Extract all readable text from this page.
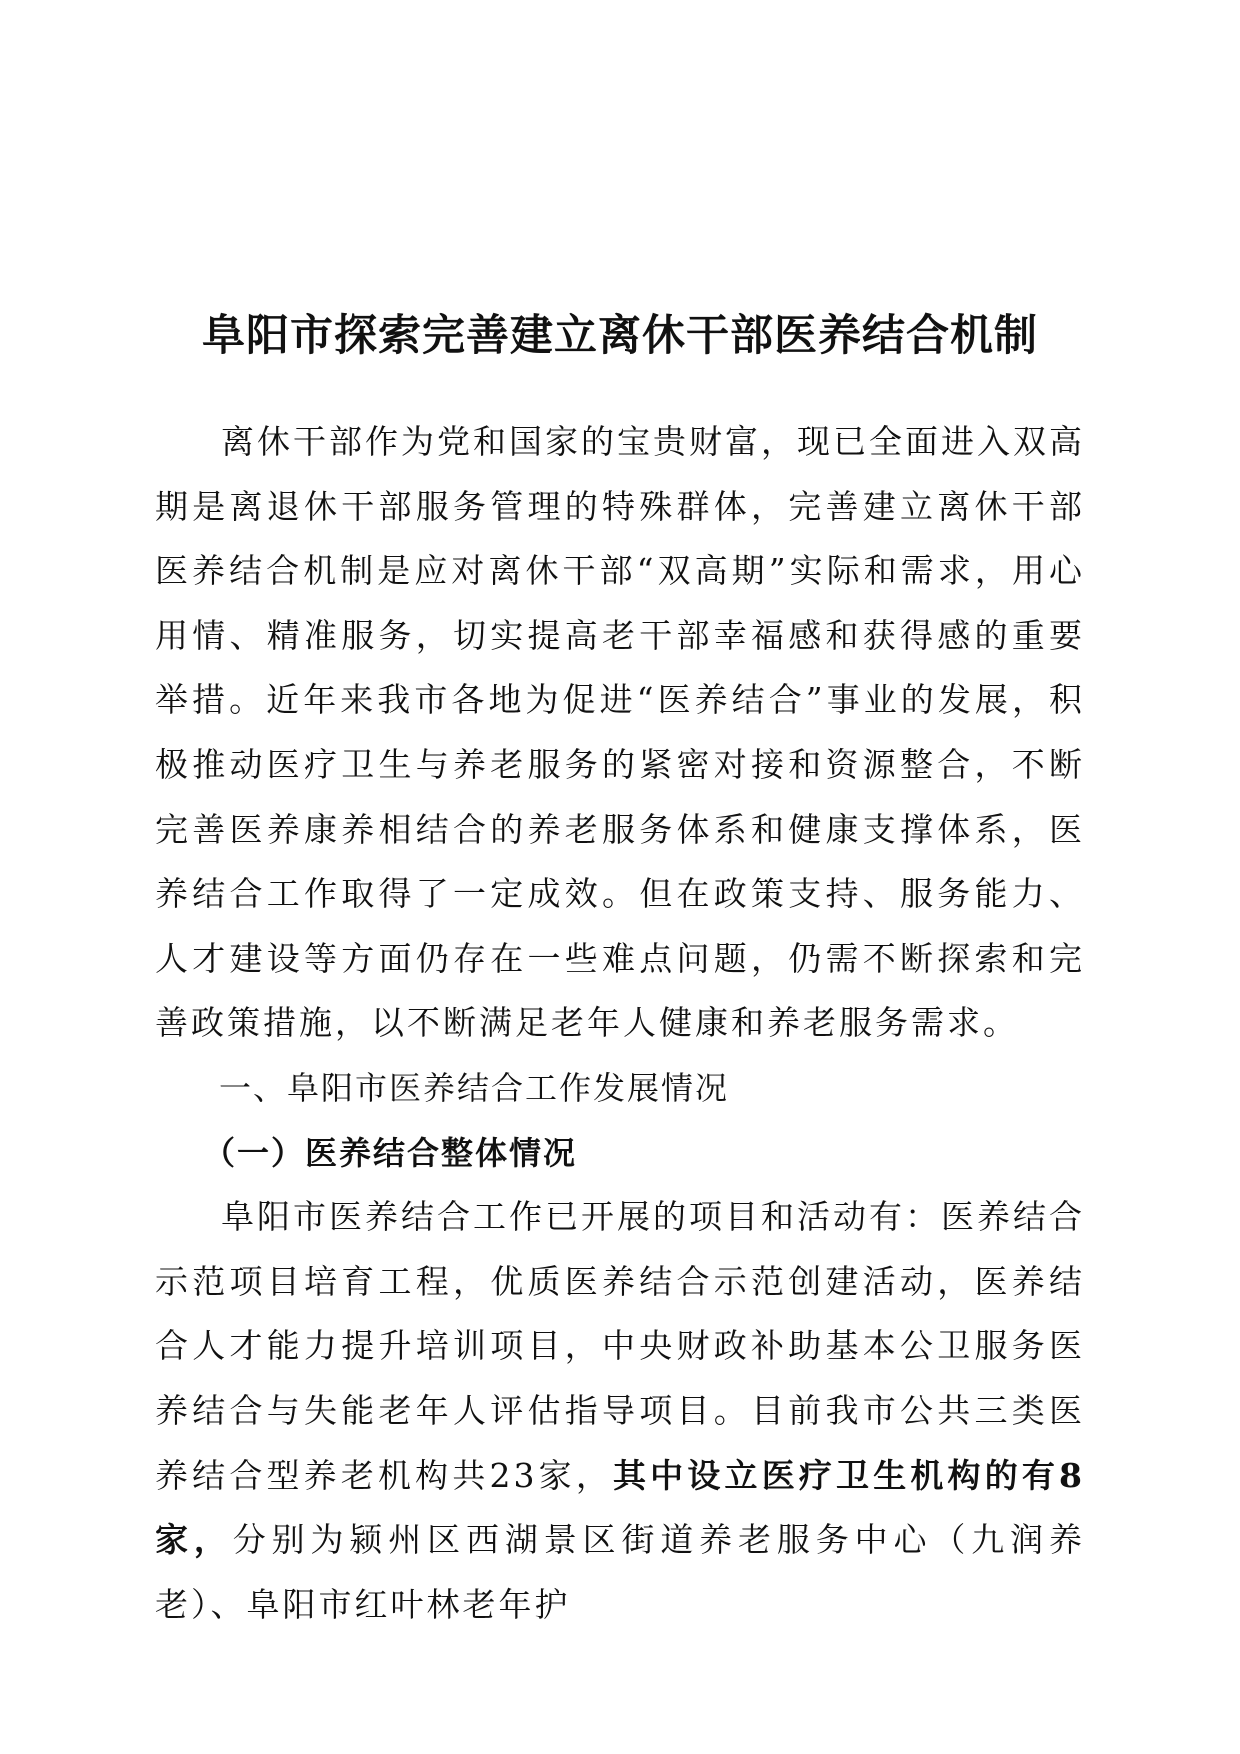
阜阳市探索完善建立离休干部医养结合机制

离休干部作为党和国家的宝贵财富，现已全面进入双高期是离退休干部服务管理的特殊群体，完善建立离休干部医养结合机制是应对离休干部“双高期”实际和需求，用心用情、精准服务，切实提高老干部幸福感和获得感的重要举措。近年来我市各地为促进“医养结合”事业的发展，积极推动医疗卫生与养老服务的紧密对接和资源整合，不断完善医养康养相结合的养老服务体系和健康支撑体系，医养结合工作取得了一定成效。但在政策支持、服务能力、人才建设等方面仍存在一些难点问题，仍需不断探索和完善政策措施，以不断满足老年人健康和养老服务需求。

一、阜阳市医养结合工作发展情况

（一）医养结合整体情况

阜阳市医养结合工作已开展的项目和活动有：医养结合示范项目培育工程，优质医养结合示范创建活动，医养结合人才能力提升培训项目，中央财政补助基本公卫服务医养结合与失能老年人评估指导项目。目前我市公共三类医养结合型养老机构共23家，其中设立医疗卫生机构的有8家，分别为颍州区西湖景区街道养老服务中心（九润养老）、阜阳市红叶林老年护
